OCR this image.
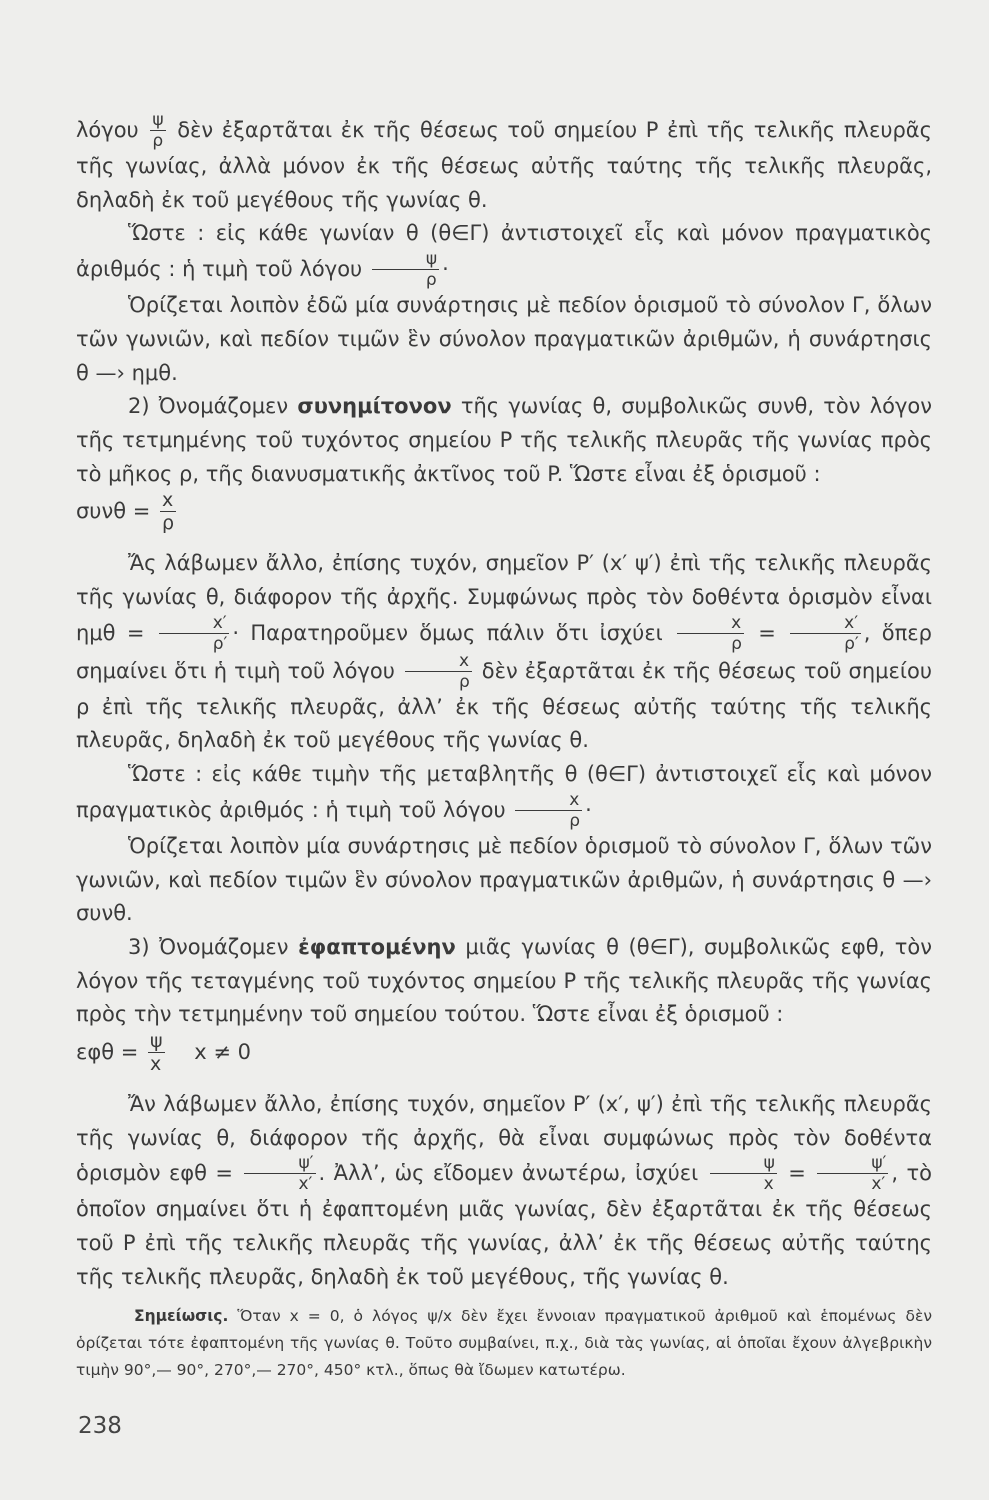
λόγου $\frac{\psi}{\rho}$ δὲν ἐξαρτᾶται ἐκ τῆς θέσεως τοῦ σημείου P ἐπὶ τῆς τελικῆς πλευρᾶς τῆς γωνίας, ἀλλὰ μόνον ἐκ τῆς θέσεως αὐτῆς ταύτης τῆς τελικῆς πλευρᾶς, δηλαδὴ ἐκ τοῦ μεγέθους τῆς γωνίας θ.

Ὥστε : εἰς κάθε γωνίαν θ (θ∈Γ) ἀντιστοιχεῖ εἷς καὶ μόνον πραγματικὸς ἀριθμός : ἡ τιμὴ τοῦ λόγου $\frac{\psi}{\rho}$ ·

Ὁρίζεται λοιπὸν ἐδῶ μία συνάρτησις μὲ πεδίον ὁρισμοῦ τὸ σύνολον Γ, ὅλων τῶν γωνιῶν, καὶ πεδίον τιμῶν ἓν σύνολον πραγματικῶν ἀριθμῶν, ἡ συνάρτησις θ —› ημθ.

2) Ὀνομάζομεν συνημίτονον τῆς γωνίας θ, συμβολικῶς συνθ, τὸν λόγον τῆς τετμημένης τοῦ τυχόντος σημείου P τῆς τελικῆς πλευρᾶς τῆς γωνίας πρὸς τὸ μῆκος ρ, τῆς διανυσματικῆς ἀκτῖνος τοῦ P. Ὥστε εἶναι ἐξ ὁρισμοῦ :

$\sigma\upsilon\nu\theta = \frac{x}{\rho}$

Ἄς λάβωμεν ἄλλο, ἐπίσης τυχόν, σημεῖον P′ (x′ ψ′) ἐπὶ τῆς τελικῆς πλευρᾶς τῆς γωνίας θ, διάφορον τῆς ἀρχῆς. Συμφώνως πρὸς τὸν δοθέντα ὁρισμὸν εἶναι $\eta\mu\theta = \frac{x'}{\rho'}$ · Παρατηροῦμεν ὅμως πάλιν ὅτι ἰσχύει $\frac{x}{\rho} = \frac{x'}{\rho'}$ , ὅπερ σημαίνει ὅτι ἡ τιμὴ τοῦ λόγου $\frac{x}{\rho}$ δὲν ἐξαρτᾶται ἐκ τῆς θέσεως τοῦ σημείου ρ ἐπὶ τῆς τελικῆς πλευρᾶς, ἀλλ’ ἐκ τῆς θέσεως αὐτῆς ταύτης τῆς τελικῆς πλευρᾶς, δηλαδὴ ἐκ τοῦ μεγέθους τῆς γωνίας θ.

Ὥστε : εἰς κάθε τιμὴν τῆς μεταβλητῆς θ (θ∈Γ) ἀντιστοιχεῖ εἷς καὶ μόνον πραγματικὸς ἀριθμός : ἡ τιμὴ τοῦ λόγου $\frac{x}{\rho}$ ·

Ὁρίζεται λοιπὸν μία συνάρτησις μὲ πεδίον ὁρισμοῦ τὸ σύνολον Γ, ὅλων τῶν γωνιῶν, καὶ πεδίον τιμῶν ἓν σύνολον πραγματικῶν ἀριθμῶν, ἡ συνάρτησις θ —› συνθ.

3) Ὀνομάζομεν ἐφαπτομένην μιᾶς γωνίας θ (θ∈Γ), συμβολικῶς εφθ, τὸν λόγον τῆς τεταγμένης τοῦ τυχόντος σημείου P τῆς τελικῆς πλευρᾶς τῆς γωνίας πρὸς τὴν τετμημένην τοῦ σημείου τούτου. Ὥστε εἶναι ἐξ ὁρισμοῦ :

$\varepsilon\varphi\theta = \frac{\psi}{x}$ x ≠ 0

Ἄν λάβωμεν ἄλλο, ἐπίσης τυχόν, σημεῖον P′ (x′, ψ′) ἐπὶ τῆς τελικῆς πλευρᾶς τῆς γωνίας θ, διάφορον τῆς ἀρχῆς, θὰ εἶναι συμφώνως πρὸς τὸν δοθέντα ὁρισμὸν $\varepsilon\varphi\theta = \frac{\psi'}{x'}$ . Ἀλλ’, ὡς εἴδομεν ἀνωτέρω, ἰσχύει $\frac{\psi}{x} = \frac{\psi'}{x'}$ , τὸ ὁποῖον σημαίνει ὅτι ἡ ἐφαπτομένη μιᾶς γωνίας, δὲν ἐξαρτᾶται ἐκ τῆς θέσεως τοῦ P ἐπὶ τῆς τελικῆς πλευρᾶς τῆς γωνίας, ἀλλ’ ἐκ τῆς θέσεως αὐτῆς ταύτης τῆς τελικῆς πλευρᾶς, δηλαδὴ ἐκ τοῦ μεγέθους, τῆς γωνίας θ.

Σημείωσις. Ὅταν x = 0, ὁ λόγος ψ/x δὲν ἔχει ἔννοιαν πραγματικοῦ ἀριθμοῦ καὶ ἑπομένως δὲν ὁρίζεται τότε ἐφαπτομένη τῆς γωνίας θ. Τοῦτο συμβαίνει, π.χ., διὰ τὰς γωνίας, αἱ ὁποῖαι ἔχουν ἀλγεβρικὴν τιμὴν 90°,— 90°, 270°,— 270°, 450° κτλ., ὅπως θὰ ἴδωμεν κατωτέρω.

238
